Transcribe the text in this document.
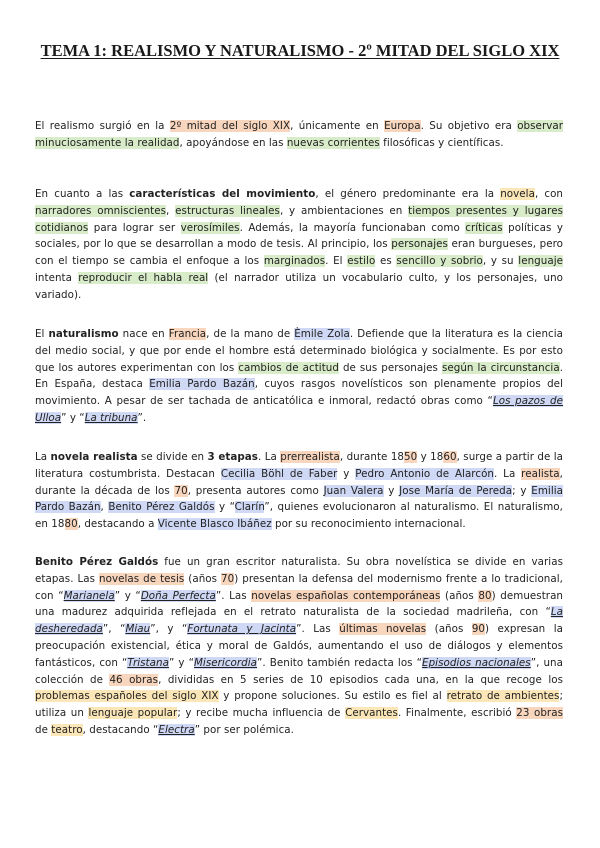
TEMA 1: REALISMO Y NATURALISMO - 2º MITAD DEL SIGLO XIX

El realismo surgió en la 2º mitad del siglo XIX, únicamente en Europa. Su objetivo era observar minuciosamente la realidad, apoyándose en las nuevas corrientes filosóficas y científicas.

En cuanto a las características del movimiento, el género predominante era la novela, con narradores omniscientes, estructuras lineales, y ambientaciones en tiempos presentes y lugares cotidianos para lograr ser verosímiles. Además, la mayoría funcionaban como críticas políticas y sociales, por lo que se desarrollan a modo de tesis. Al principio, los personajes eran burgueses, pero con el tiempo se cambia el enfoque a los marginados. El estilo es sencillo y sobrio, y su lenguaje intenta reproducir el habla real (el narrador utiliza un vocabulario culto, y los personajes, uno variado).

El naturalismo nace en Francia, de la mano de Èmile Zola. Defiende que la literatura es la ciencia del medio social, y que por ende el hombre está determinado biológica y socialmente. Es por esto que los autores experimentan con los cambios de actitud de sus personajes según la circunstancia. En España, destaca Emilia Pardo Bazán, cuyos rasgos novelísticos son plenamente propios del movimiento. A pesar de ser tachada de anticatólica e inmoral, redactó obras como “Los pazos de Ulloa” y “La tribuna”.

La novela realista se divide en 3 etapas. La prerrealista, durante 1850 y 1860, surge a partir de la literatura costumbrista. Destacan Cecilia Böhl de Faber y Pedro Antonio de Alarcón. La realista, durante la década de los 70, presenta autores como Juan Valera y Jose María de Pereda; y Emilia Pardo Bazán, Benito Pérez Galdós y “Clarín”, quienes evolucionaron al naturalismo. El naturalismo, en 1880, destacando a Vicente Blasco Ibáñez por su reconocimiento internacional.

Benito Pérez Galdós fue un gran escritor naturalista. Su obra novelística se divide en varias etapas. Las novelas de tesis (años 70) presentan la defensa del modernismo frente a lo tradicional, con “Marianela” y “Doña Perfecta”. Las novelas españolas contemporáneas (años 80) demuestran una madurez adquirida reflejada en el retrato naturalista de la sociedad madrileña, con “La desheredada”, “Miau”, y “Fortunata y Jacinta”. Las últimas novelas (años 90) expresan la preocupación existencial, ética y moral de Galdós, aumentando el uso de diálogos y elementos fantásticos, con “Tristana” y “Misericordia”. Benito también redacta los “Episodios nacionales”, una colección de 46 obras, divididas en 5 series de 10 episodios cada una, en la que recoge los problemas españoles del siglo XIX y propone soluciones. Su estilo es fiel al retrato de ambientes; utiliza un lenguaje popular; y recibe mucha influencia de Cervantes. Finalmente, escribió 23 obras de teatro, destacando “Electra” por ser polémica.
